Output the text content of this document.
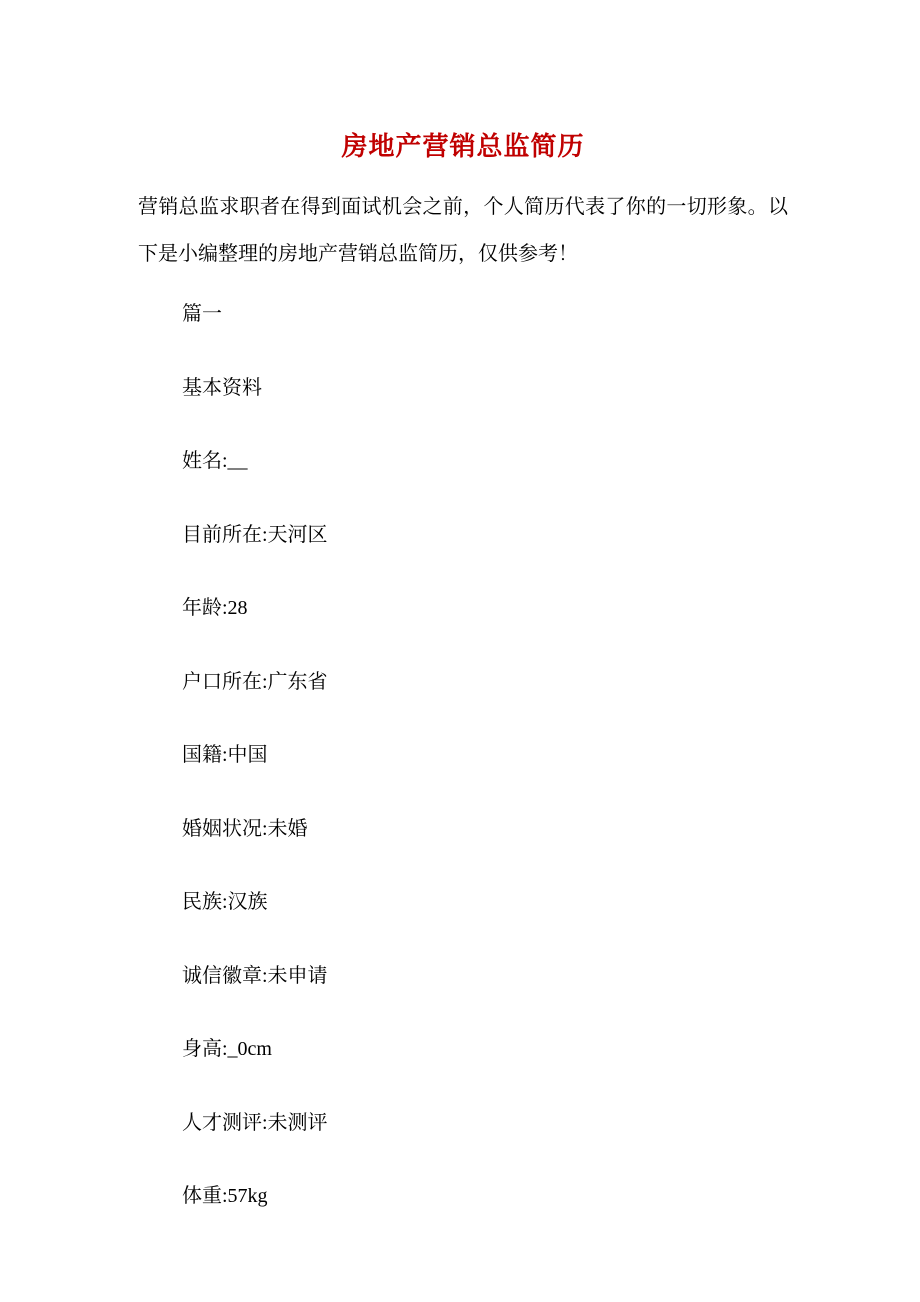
房地产营销总监简历

营销总监求职者在得到面试机会之前，个人简历代表了你的一切形象。以下是小编整理的房地产营销总监简历，仅供参考！

篇一

基本资料

姓名:__

目前所在:天河区

年龄:28

户口所在:广东省

国籍:中国

婚姻状况:未婚

民族:汉族

诚信徽章:未申请

身高:_0cm

人才测评:未测评

体重:57kg
